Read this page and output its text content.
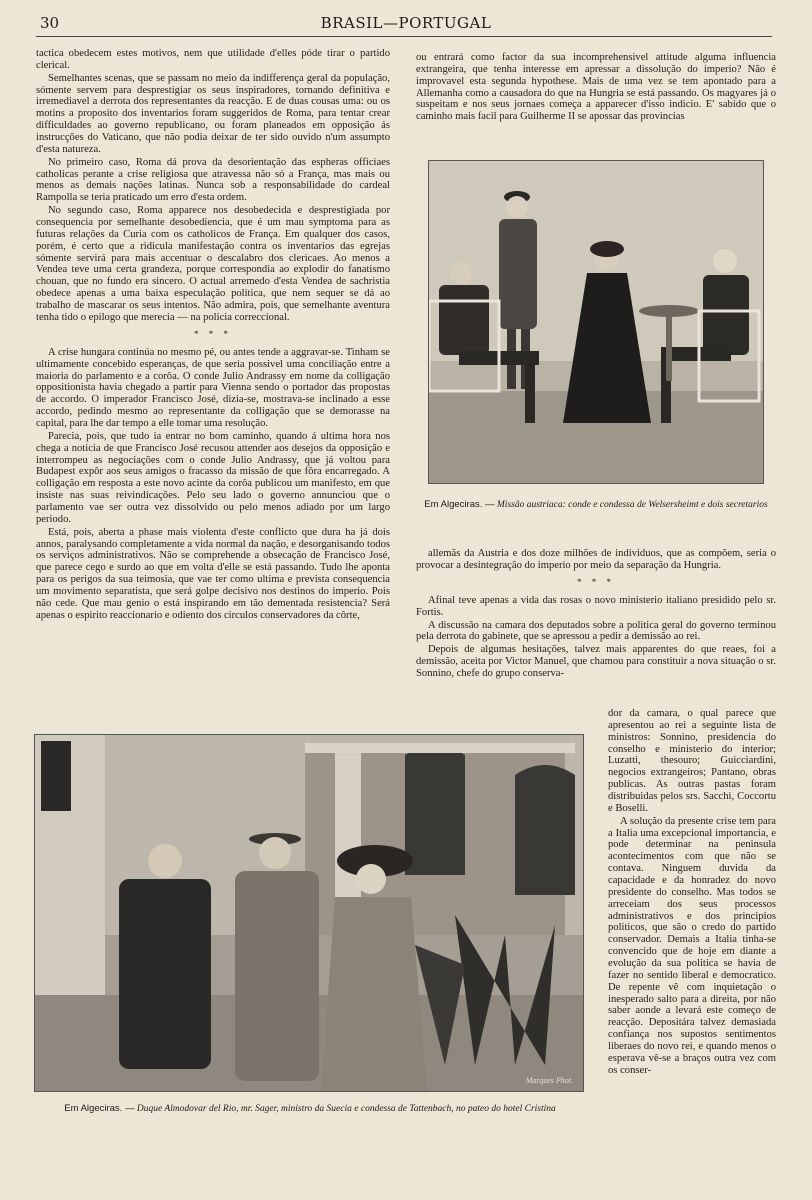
30	BRASIL—PORTUGAL

tactica obedecem estes motivos, nem que utilidade d'elles póde tirar o partido clerical.

Semelhantes scenas, que se passam no meio da indifferença geral da população, sómente servem para desprestigiar os seus inspiradores, tornando definitiva e irremediavel a derrota dos representantes da reacção. E de duas cousas uma: ou os motins a proposito dos inventarios foram suggeridos de Roma, para tentar crear difficuldades ao governo republicano, ou foram planeados em opposição ás instrucções do Vaticano, que não podia deixar de ter sido ouvido n'um assumpto d'esta natureza.

No primeiro caso, Roma dá prova da desorientação das espheras officiaes catholicas perante a crise religiosa que atravessa não só a França, mas mais ou menos as demais nações latinas. Nunca sob a responsabilidade do cardeal Rampolla se teria praticado um erro d'esta ordem.

No segundo caso, Roma apparece nos desobedecida e desprestigiada por consequencia por semelhante desobediencia, que é um mau symptoma para as futuras relações da Curia com os catholicos de França. Em qualquer dos casos, porém, é certo que a ridicula manifestação contra os inventarios das egrejas sómente servirá para mais accentuar o descalabro dos clericaes. Ao menos a Vendea teve uma certa grandeza, porque correspondia ao explodir do fanatismo chouan, que no fundo era sincero. O actual arremedo d'esta Vendea de sachristia obedece apenas a uma baixa especulação politica, que nem sequer se dá ao trabalho de mascarar os seus intentos. Não admira, pois, que semelhante aventura tenha tido o epilogo que merecia — na policia correccional.

* * *

A crise hungara continúa no mesmo pé, ou antes tende a aggravar-se. Tinham se ultimamente concebido esperanças, de que seria possivel uma conciliação entre a maioria do parlamento e a corôa. O conde Julio Andrassy em nome da colligação oppositionista havia chegado a partir para Vienna sendo o portador das propostas de accordo. O imperador Francisco José, dizia-se, mostrava-se inclinado a esse accordo, pedindo mesmo ao representante da colligação que se demorasse na capital, para lhe dar tempo a elle tomar uma resolução.

Parecia, pois, que tudo ia entrar no bom caminho, quando á ultima hora nos chega a noticia de que Francisco José recusou attender aos desejos da opposição e interrompeu as negociações com o conde Julio Andrassy, que já voltou para Budapest expôr aos seus amigos o fracasso da missão de que fôra encarregado. A colligação em resposta a este novo acinte da corôa publicou um manifesto, em que insiste nas suas reivindicações. Pelo seu lado o governo annunciou que o parlamento vae ser outra vez dissolvido ou pelo menos adiado por um largo periodo.

Está, pois, aberta a phase mais violenta d'este conflicto que dura ha já dois annos, paralysando completamente a vida normal da nação, e desorganisando todos os serviços administrativos. Não se comprehende a obsecação de Francisco José, que parece cego e surdo ao que em volta d'elle se está passando. Tudo lhe aponta para os perigos da sua teimosia, que vae ter como ultima e prevista consequencia um movimento separatista, que será golpe decisivo nos destinos do imperio. Pois não cede. Que mau genio o está inspirando em tão dementada resistencia? Será apenas o espirito reaccionario e odiento dos circulos conservadores da côrte,

ou entrará como factor da sua incomprehensivel attitude alguma influencia extrangeira, que tenha interesse em apressar a dissolução do imperio? Não é improvavel esta segunda hypothese. Mais de uma vez se tem apontado para a Allemanha como a causadora do que na Hungria se está passando. Os magyares já o suspeitam e nos seus jornaes começa a apparecer d'isso indicio. E' sabido que o caminho mais facil para Guilherme II se apossar das provincias

Em Algeciras. — Missão austriaca: conde e condessa de Welsersheimt e dois secretarios

allemãs da Austria e dos doze milhões de individuos, que as compõem, seria o provocar a desintegração do imperio por meio da separação da Hungria.

* * *

Afinal teve apenas a vida das rosas o novo ministerio italiano presidido pelo sr. Fortis.

A discussão na camara dos deputados sobre a politica geral do governo terminou pela derrota do gabinete, que se apressou a pedir a demissão ao rei.

Depois de algumas hesitações, talvez mais apparentes do que reaes, foi a demissão, aceita por Victor Manuel, que chamou para constituir a nova situação o sr. Sonnino, chefe do grupo conserva-

dor da camara, o qual parece que apresentou ao rei a seguinte lista de ministros: Sonnino, presidencia do conselho e ministerio do interior; Luzatti, thesouro; Guicciardini, negocios extrangeiros; Pantano, obras publicas. As outras pastas foram distribuidas pelos srs. Sacchi, Coccortu e Boselli.

A solução da presente crise tem para a Italia uma excepcional importancia, e pode determinar na peninsula acontecimentos com que não se contava. Ninguem duvida da capacidade e da honradez do novo presidente do conselho. Mas todos se arreceiam dos seus processos administrativos e dos principios politicos, que são o credo do partido conservador. Demais a Italia tinha-se convencido que de hoje em diante a evolução da sua politica se havia de fazer no sentido liberal e democratico. De repente vê com inquietação o inesperado salto para a direita, por não saber aonde a levará este começo de reacção. Depositára talvez demasiada confiança nos supostos sentimentos liberaes do novo rei, e quando menos o esperava vê-se a braços outra vez com os conser-

Marques Phot.
Em Algeciras. — Duque Almodovar del Rio, mr. Sager, ministro da Suecia e condessa de Tattenbach, no pateo do hotel Cristina
